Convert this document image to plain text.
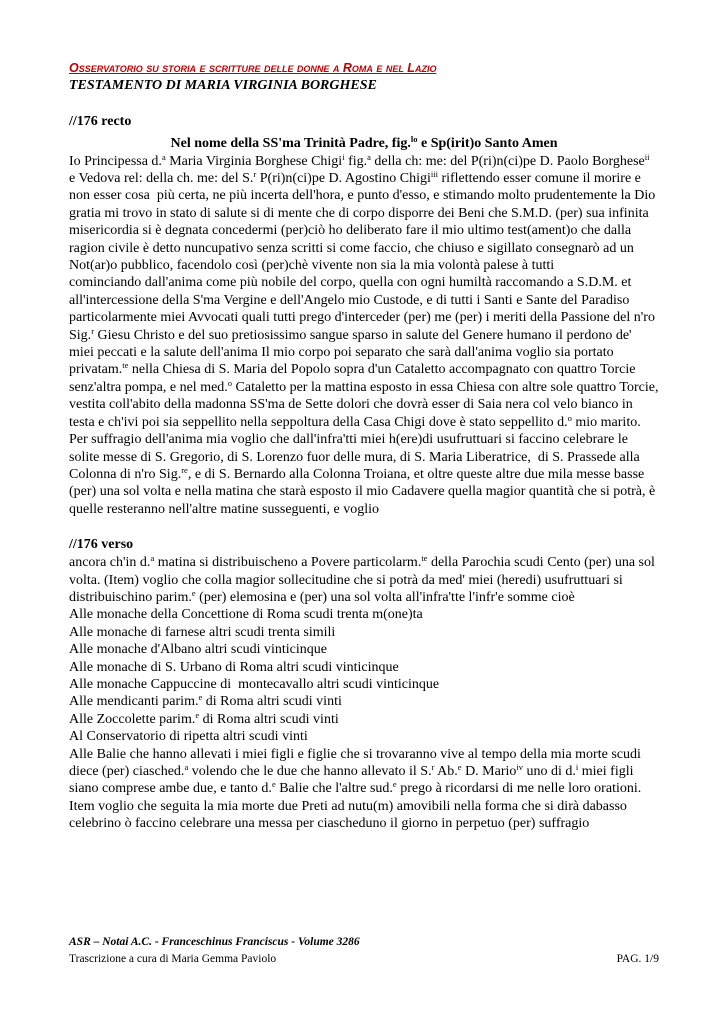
Osservatorio su storia e scritture delle donne a Roma e nel Lazio
TESTAMENTO DI MARIA VIRGINIA BORGHESE
//176 recto
Nel nome della SS'ma Trinità Padre, fig.$^{lo}$ e Sp(irit)o Santo Amen

Io Principessa d.$^a$ Maria Virginia Borghese Chigi$^i$ fig.$^a$ della ch: me: del P(ri)n(ci)pe D. Paolo Borghese$^{ii}$ e Vedova rel: della ch. me: del S.$^r$ P(ri)n(ci)pe D. Agostino Chigi$^{iii}$ riflettendo esser comune il morire e non esser cosa  più certa, ne più incerta dell'hora, e punto d'esso, e stimando molto prudentemente la Dio gratia mi trovo in stato di salute si di mente che di corpo disporre dei Beni che S.M.D. (per) sua infinita misericordia si è degnata concedermi (per)ciò ho deliberato fare il mio ultimo test(ament)o che dalla ragion civile è detto nuncupativo senza scritti si come faccio, che chiuso e sigillato consegnarò ad un Not(ar)o pubblico, facendolo così (per)chè vivente non sia la mia volontà palese à tutti

cominciando dall'anima come più nobile del corpo, quella con ogni humiltà raccomando a S.D.M. et all'intercessione della S'ma Vergine e dell'Angelo mio Custode, e di tutti i Santi e Sante del Paradiso particolarmente miei Avvocati quali tutti prego d'interceder (per) me (per) i meriti della Passione del n'ro Sig.$^r$ Giesu Christo e del suo pretiosissimo sangue sparso in salute del Genere humano il perdono de' miei peccati e la salute dell'anima Il mio corpo poi separato che sarà dall'anima voglio sia portato privatam.$^{te}$ nella Chiesa di S. Maria del Popolo sopra d'un Cataletto accompagnato con quattro Torcie senz'altra pompa, e nel med.$^o$ Cataletto per la mattina esposto in essa Chiesa con altre sole quattro Torcie, vestita coll'abito della madonna SS'ma de Sette dolori che dovrà esser di Saia nera col velo bianco in testa e ch'ivi poi sia seppellito nella seppoltura della Casa Chigi dove è stato seppellito d.$^o$ mio marito. Per suffragio dell'anima mia voglio che dall'infra'tti miei h(ere)di usufruttuari si faccino celebrare le solite messe di S. Gregorio, di S. Lorenzo fuor delle mura, di S. Maria Liberatrice,  di S. Prassede alla Colonna di n'ro Sig.$^{re}$, e di S. Bernardo alla Colonna Troiana, et oltre queste altre due mila messe basse (per) una sol volta e nella matina che starà esposto il mio Cadavere quella magior quantità che si potrà, è quelle resteranno nell'altre matine susseguenti, e voglio

//176 verso

ancora ch'in d.$^a$ matina si distribuischeno a Povere particolarm.$^{te}$ della Parochia scudi Cento (per) una sol volta. (Item) voglio che colla magior sollecitudine che si potrà da med' miei (heredi) usufruttuari si distribuischino parim.$^e$ (per) elemosina e (per) una sol volta all'infra'tte l'infr'e somme cioè

Alle monache della Concettione di Roma scudi trenta m(one)ta
Alle monache di farnese altri scudi trenta simili
Alle monache d'Albano altri scudi vinticinque
Alle monache di S. Urbano di Roma altri scudi vinticinque
Alle monache Cappuccine di  montecavallo altri scudi vinticinque
Alle mendicanti parim.$^e$ di Roma altri scudi vinti
Alle Zoccolette parim.$^e$ di Roma altri scudi vinti
Al Conservatorio di ripetta altri scudi vinti

Alle Balie che hanno allevati i miei figli e figlie che si trovaranno vive al tempo della mia morte scudi diece (per) ciasched.$^a$ volendo che le due che hanno allevato il S.$^r$ Ab.$^e$ D. Mario$^{iv}$ uno di d.$^i$ miei figli siano comprese ambe due, e tanto d.$^e$ Balie che l'altre sud.$^e$ prego à ricordarsi di me nelle loro orationi.

Item voglio che seguita la mia morte due Preti ad nutu(m) amovibili nella forma che si dirà dabasso celebrino ò faccino celebrare una messa per ciascheduno il giorno in perpetuo (per) suffragio

ASR – Notai A.C. - Franceschinus Franciscus - Volume 3286
Trascrizione a cura di Maria Gemma Paviolo	PAG. 1/9
